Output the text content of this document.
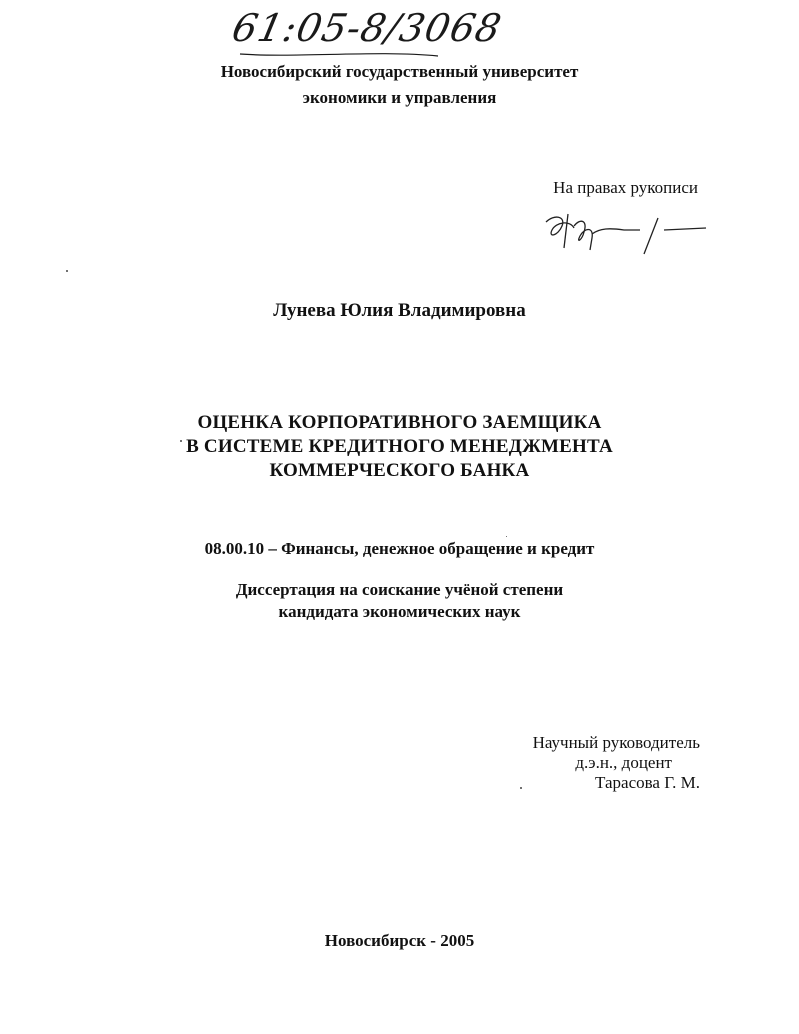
61:05-8/3068
Новосибирский государственный университет
экономики и управления
На правах рукописи
Лунева Юлия Владимировна
ОЦЕНКА КОРПОРАТИВНОГО ЗАЕМЩИКА
В СИСТЕМЕ КРЕДИТНОГО МЕНЕДЖМЕНТА
КОММЕРЧЕСКОГО БАНКА
08.00.10 – Финансы, денежное обращение и кредит
Диссертация на соискание учёной степени
кандидата экономических наук
Научный руководитель
д.э.н., доцент
Тарасова Г. М.
Новосибирск - 2005
